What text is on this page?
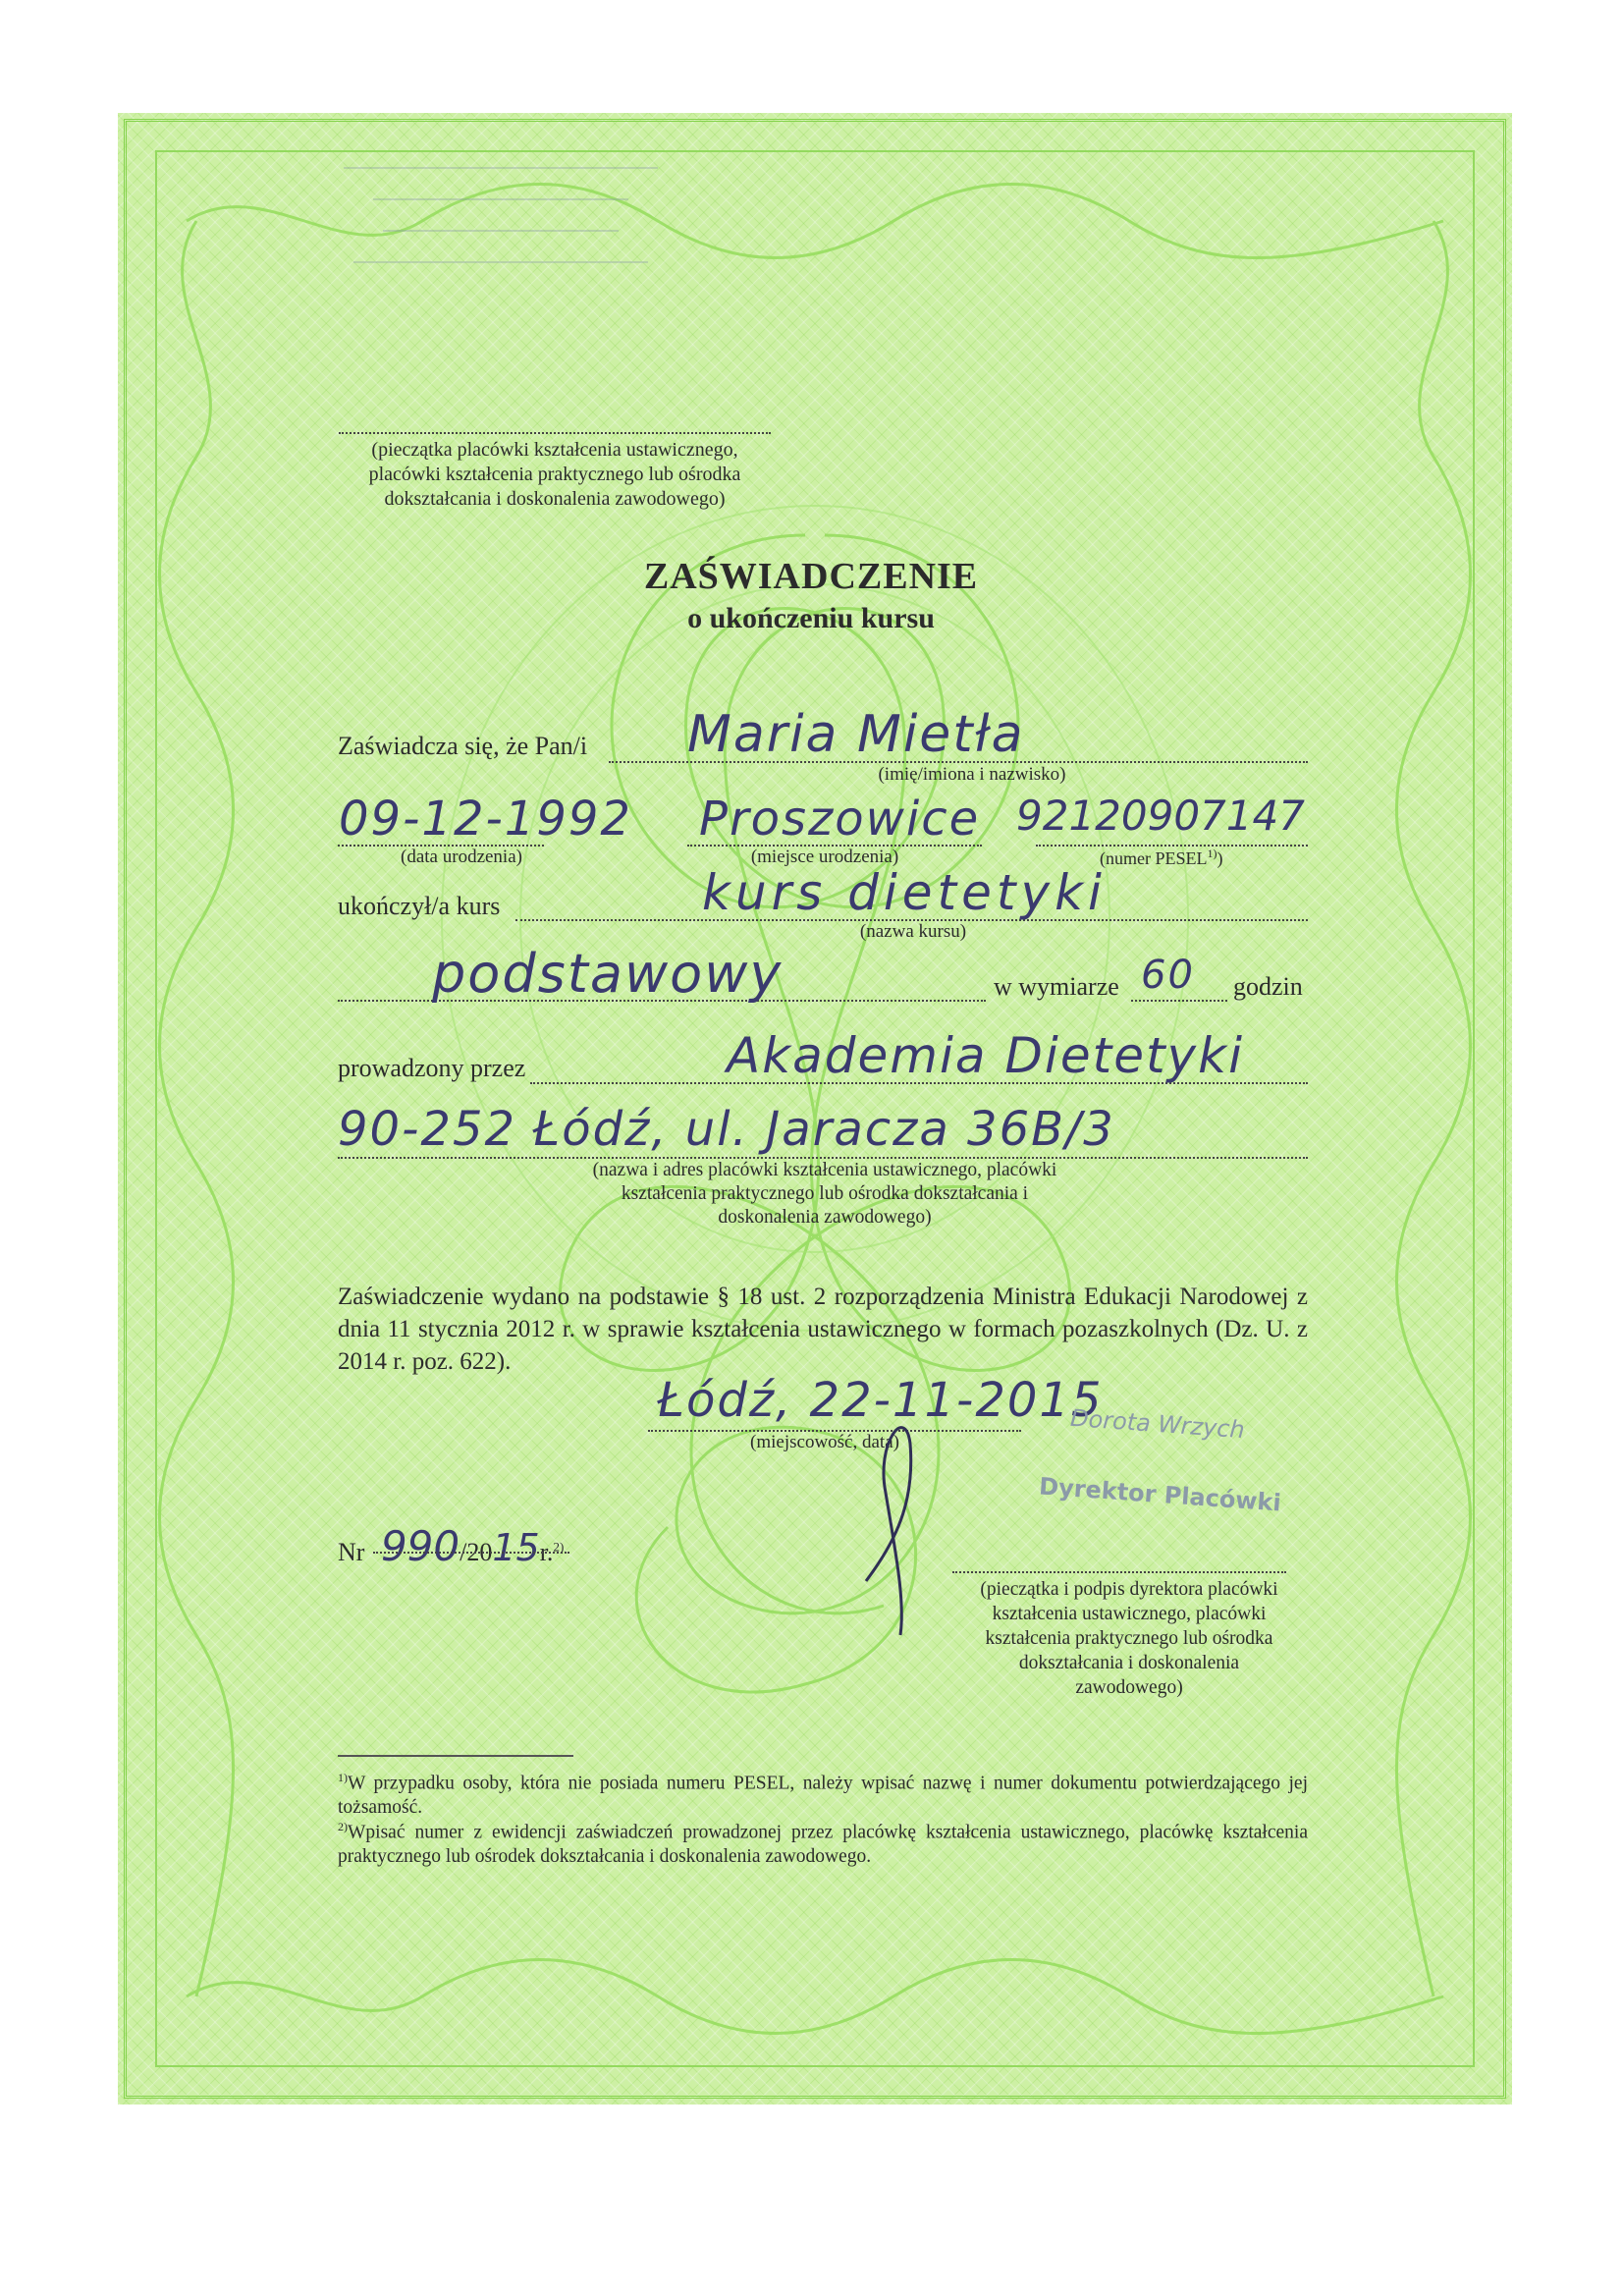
(pieczątka placówki kształcenia ustawicznego, placówki kształcenia praktycznego lub ośrodka dokształcania i doskonalenia zawodowego)
ZAŚWIADCZENIE
o ukończeniu kursu
Zaświadcza się, że Pan/i Maria Mietła
(imię/imiona i nazwisko)
09-12-1992
(data urodzenia)
Proszowice
(miejsce urodzenia)
92120907147
(numer PESEL$^{1)}$)
ukończył/a kurs	kurs dietetyki
(nazwa kursu)
podstawowy	w wymiarze 60 godzin
prowadzony przez	Akademia Dietetyki
90-252 Łódź, ul. Jaracza 36B/3
(nazwa i adres placówki kształcenia ustawicznego, placówki kształcenia praktycznego lub ośrodka dokształcania i doskonalenia zawodowego)
Zaświadczenie wydano na podstawie § 18 ust. 2 rozporządzenia Ministra Edukacji Narodowej z dnia 11 stycznia 2012 r. w sprawie kształcenia ustawicznego w formach pozaszkolnych (Dz. U. z 2014 r. poz. 622).
Łódź, 22-11-2015
(miejscowość, data)	Dorota Wrzych
Dyrektor Placówki
Nr 990/2015r.$^{2)}$
(pieczątka i podpis dyrektora placówki kształcenia ustawicznego, placówki kształcenia praktycznego lub ośrodka dokształcania i doskonalenia zawodowego)
$^{1)}$W przypadku osoby, która nie posiada numeru PESEL, należy wpisać nazwę i numer dokumentu potwierdzającego jej tożsamość.
$^{2)}$Wpisać numer z ewidencji zaświadczeń prowadzonej przez placówkę kształcenia ustawicznego, placówkę kształcenia praktycznego lub ośrodek dokształcania i doskonalenia zawodowego.
